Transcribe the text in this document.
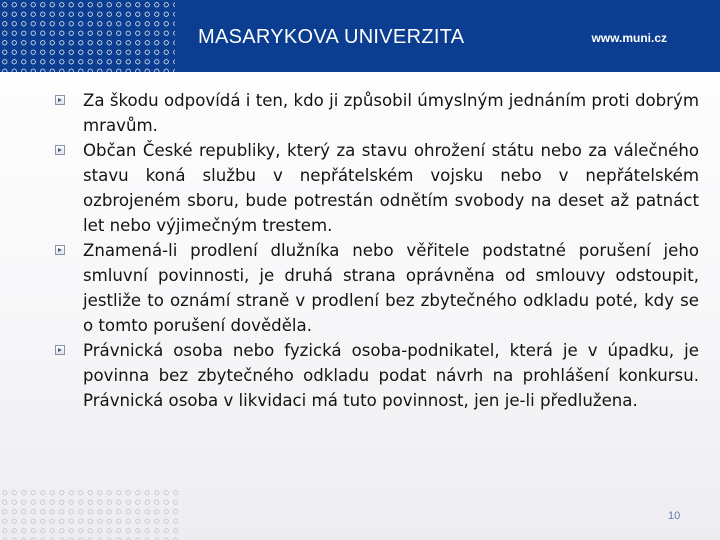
MASARYKOVA UNIVERZITA	www.muni.cz
Za škodu odpovídá i ten, kdo ji způsobil úmyslným jednáním proti dobrým mravům.
Občan České republiky, který za stavu ohrožení státu nebo za válečného stavu koná službu v nepřátelském vojsku nebo v nepřátelském ozbrojeném sboru, bude potrestán odnětím svobody na deset až patnáct let nebo výjimečným trestem.
Znamená-li prodlení dlužníka nebo věřitele podstatné porušení jeho smluvní povinnosti, je druhá strana oprávněna od smlouvy odstoupit, jestliže to oznámí straně v prodlení bez zbytečného odkladu poté, kdy se o tomto porušení dověděla.
Právnická osoba nebo fyzická osoba-podnikatel, která je v úpadku, je povinna bez zbytečného odkladu podat návrh na prohlášení konkursu. Právnická osoba v likvidaci má tuto povinnost, jen je-li předlužena.
10
